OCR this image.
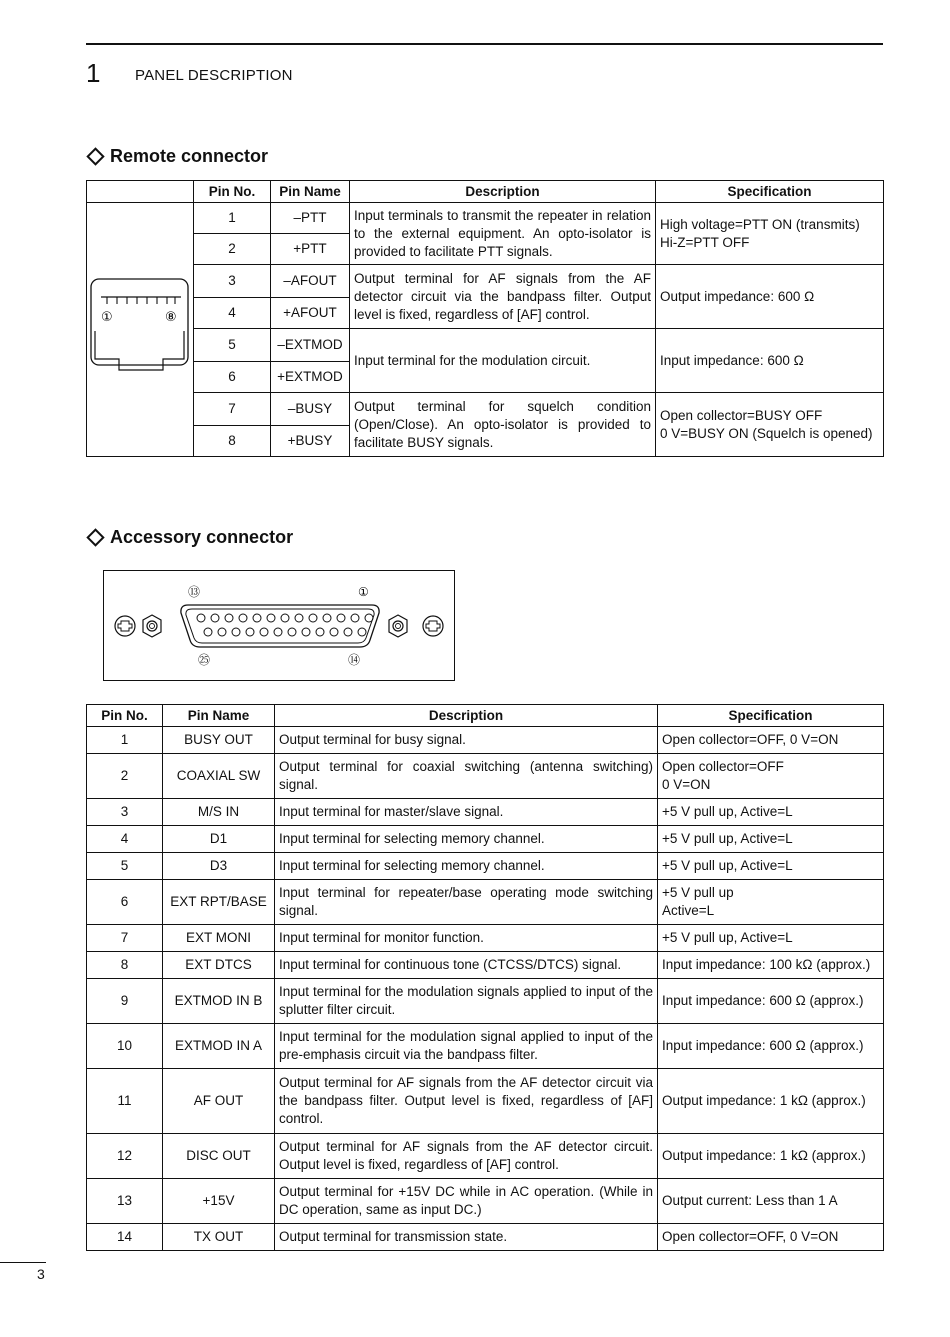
1 PANEL DESCRIPTION
Remote connector
	Pin No.	Pin Name	Description	Specification

① ⑧	1	–PTT	Input terminals to transmit the repeater in relation to the external equipment. An opto-isolator is provided to facilitate PTT signals.	High voltage=PTT ON (transmits)
Hi-Z=PTT OFF
	2	+PTT		
	3	–AFOUT	Output terminal for AF signals from the AF detector circuit via the bandpass filter. Output level is fixed, regardless of [AF] control.	Output impedance: 600 Ω
	4	+AFOUT		
	5	–EXTMOD	Input terminal for the modulation circuit.	Input impedance: 600 Ω
	6	+EXTMOD		
	7	–BUSY	Output terminal for squelch condition (Open/Close). An opto-isolator is provided to facilitate BUSY signals.	Open collector=BUSY OFF
0 V=BUSY ON (Squelch is opened)
	8	+BUSY		
Accessory connector
⑬	①
㉕	⑭
Pin No.	Pin Name	Description	Specification
1	BUSY OUT	Output terminal for busy signal.	Open collector=OFF, 0 V=ON
2	COAXIAL SW	Output terminal for coaxial switching (antenna switching) signal.	Open collector=OFF
0 V=ON
3	M/S IN	Input terminal for master/slave signal.	+5 V pull up, Active=L
4	D1	Input terminal for selecting memory channel.	+5 V pull up, Active=L
5	D3	Input terminal for selecting memory channel.	+5 V pull up, Active=L
6	EXT RPT/BASE	Input terminal for repeater/base operating mode switching signal.	+5 V pull up
Active=L
7	EXT MONI	Input terminal for monitor function.	+5 V pull up, Active=L
8	EXT DTCS	Input terminal for continuous tone (CTCSS/DTCS) signal.	Input impedance: 100 kΩ (approx.)
9	EXTMOD IN B	Input terminal for the modulation signals applied to input of the splutter filter circuit.	Input impedance: 600 Ω (approx.)
10	EXTMOD IN A	Input terminal for the modulation signal applied to input of the pre-emphasis circuit via the bandpass filter.	Input impedance: 600 Ω (approx.)
11	AF OUT	Output terminal for AF signals from the AF detector circuit via the bandpass filter. Output level is fixed, regardless of [AF] control.	Output impedance: 1 kΩ (approx.)
12	DISC OUT	Output terminal for AF signals from the AF detector circuit. Output level is fixed, regardless of [AF] control.	Output impedance: 1 kΩ (approx.)
13	+15V	Output terminal for +15V DC while in AC operation. (While in DC operation, same as input DC.)	Output current: Less than 1 A
14	TX OUT	Output terminal for transmission state.	Open collector=OFF, 0 V=ON
3
